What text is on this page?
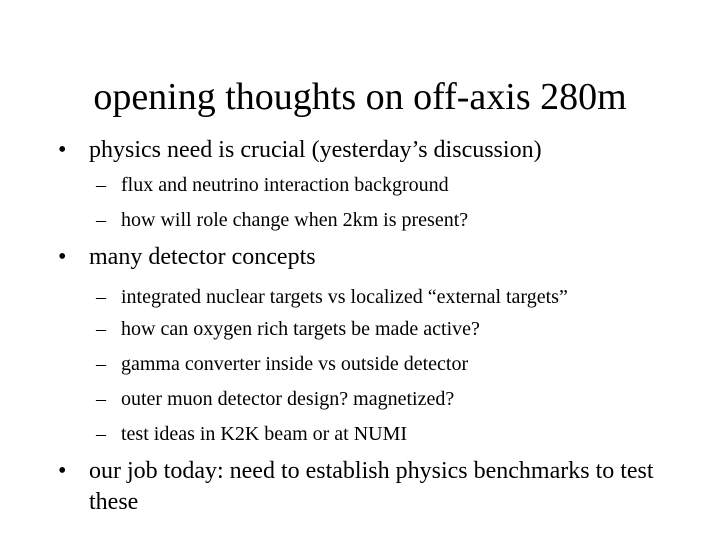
opening thoughts on off-axis 280m
• physics need is crucial (yesterday’s discussion)
– flux and neutrino interaction background
– how will role change when 2km is present?
• many detector concepts
– integrated nuclear targets vs localized “external targets”
– how can oxygen rich targets be made active?
– gamma converter inside vs outside detector
– outer muon detector design? magnetized?
– test ideas in K2K beam or at NUMI
• our job today: need to establish physics benchmarks to test these
